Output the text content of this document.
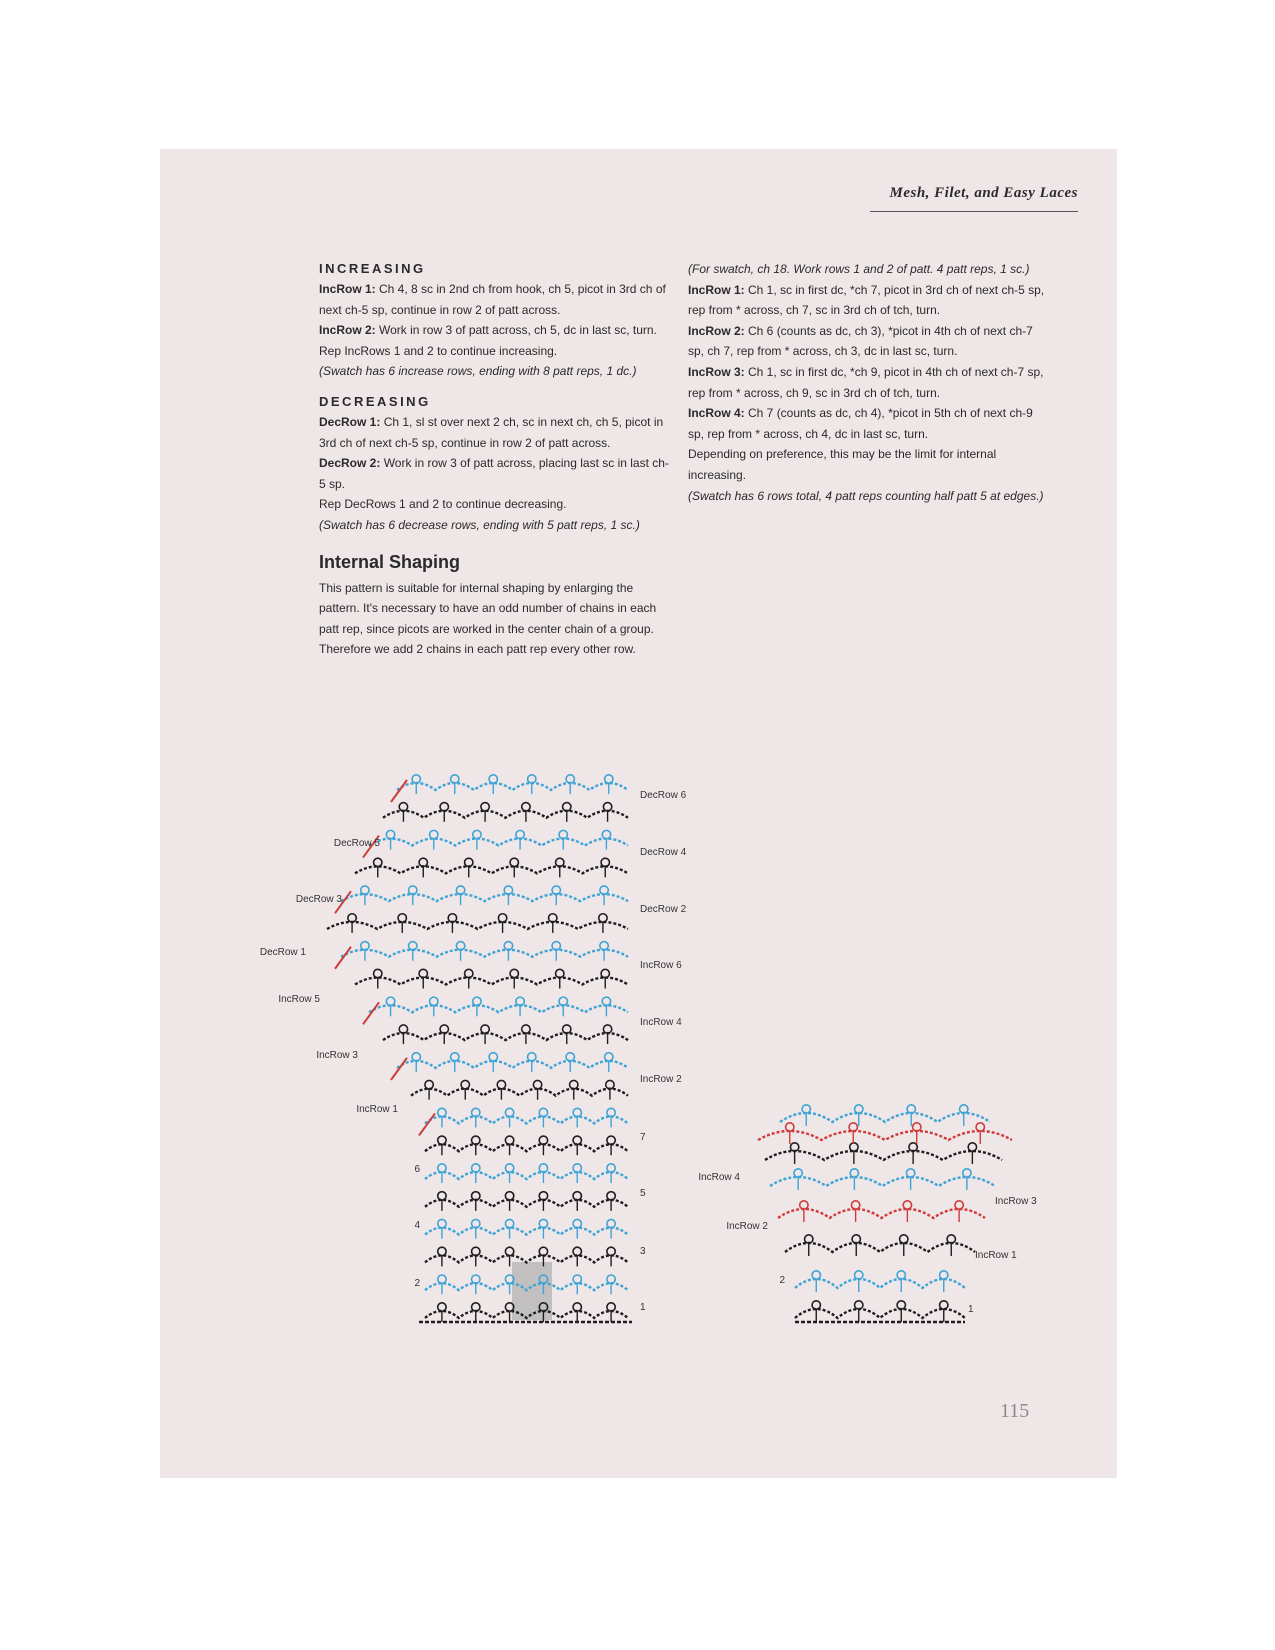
Mesh, Filet, and Easy Laces

INCREASING

IncRow 1: Ch 4, 8 sc in 2nd ch from hook, ch 5, picot in 3rd ch of next ch-5 sp, continue in row 2 of patt across.

IncRow 2: Work in row 3 of patt across, ch 5, dc in last sc, turn.

Rep IncRows 1 and 2 to continue increasing.

(Swatch has 6 increase rows, ending with 8 patt reps, 1 dc.)

DECREASING

DecRow 1: Ch 1, sl st over next 2 ch, sc in next ch, ch 5, picot in 3rd ch of next ch-5 sp, continue in row 2 of patt across.

DecRow 2: Work in row 3 of patt across, placing last sc in last ch-5 sp.

Rep DecRows 1 and 2 to continue decreasing.

(Swatch has 6 decrease rows, ending with 5 patt reps, 1 sc.)

Internal Shaping

This pattern is suitable for internal shaping by enlarging the pattern. It's necessary to have an odd number of chains in each patt rep, since picots are worked in the center chain of a group. Therefore we add 2 chains in each patt rep every other row.

(For swatch, ch 18. Work rows 1 and 2 of patt. 4 patt reps, 1 sc.)

IncRow 1: Ch 1, sc in first dc, *ch 7, picot in 3rd ch of next ch-5 sp, rep from * across, ch 7, sc in 3rd ch of tch, turn.

IncRow 2: Ch 6 (counts as dc, ch 3), *picot in 4th ch of next ch-7 sp, ch 7, rep from * across, ch 3, dc in last sc, turn.

IncRow 3: Ch 1, sc in first dc, *ch 9, picot in 4th ch of next ch-7 sp, rep from * across, ch 9, sc in 3rd ch of tch, turn.

IncRow 4: Ch 7 (counts as dc, ch 4), *picot in 5th ch of next ch-9 sp, rep from * across, ch 4, dc in last sc, turn.

Depending on preference, this may be the limit for internal increasing.

(Swatch has 6 rows total, 4 patt reps counting half patt 5 at edges.)

DecRow 6
DecRow 4
DecRow 2
IncRow 6
IncRow 4
IncRow 2
7
5
3
1
DecRow 5
DecRow 3
DecRow 1
IncRow 5
IncRow 3
IncRow 1
6
4
2
IncRow 4
IncRow 2
2
IncRow 3
IncRow 1
1
115
